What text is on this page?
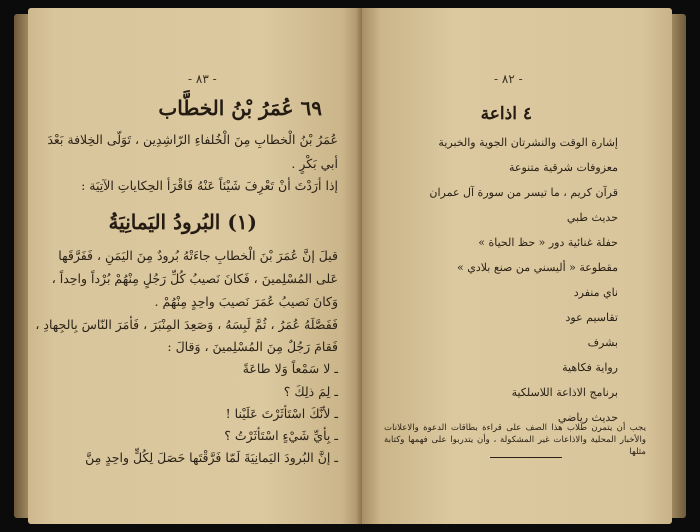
- ٨٣ -
٦٩ عُمَرُ بْنُ الخطَّاب
عُمَرُ بْنُ الْخطابِ مِنَ الْخُلفاءِ الرّاشِدِين ، تَوَلّى الخِلافة بَعْدَ
أبي بَكْرٍ .
إذا أرَدْتَ أنْ تَعْرِفَ شَيْئاً عَنْهُ فَاقْرَأ الحِكاياتِ الآتِيَة :
(١) البُرودُ اليَمانِيَةُ
قيلَ إنَّ عُمَرَ بْنَ الْخطابِ جاءَتْهُ بُرودٌ مِنَ اليَمَنِ ، فَفَرَّقَها
عَلى المُسْلِمينَ ، فَكانَ نَصيبُ كُلِّ رَجُلٍ مِنْهُمْ بُرْداً واحِداً ،
وَكانَ نَصيبُ عُمَرَ نَصيبَ واحِدٍ مِنْهُمْ .
فَفَصَّلَهُ عُمَرُ ، ثُمَّ لَبِسَهُ ، وَصَعِدَ المِنْبَرَ ، فَأمَرَ النّاسَ بِالجِهادِ ،
فَقامَ رَجُلٌ مِنَ المُسْلِمينَ ، وَقالَ :
ـ لا سَمْعاً وَلا طاعَةً
ـ لِمَ ذلِكَ ؟
ـ لأنَّكَ اسْتَأثَرْتَ عَلَيْنا !
ـ بِأيِّ شَيْءٍ اسْتَأثَرْتُ ؟
ـ إنَّ البُرودَ اليَمانِيَةَ لَمّا فَرَّقْتَها حَصَلَ لِكُلٍّ واحِدٍ مِنَّ
- ٨٢ -
٤ اذاعة
إشارة الوقت والنشرتان الجوية والخبرية
معزوفات شرقية متنوعة
قرآن كريم ، ما تيسر من سورة آل عمران
حديث طبي
حفلة غنائية دور « حظ الحياة »
مقطوعة « أليسني من صنع بلادي »
ناي منفرد
تقاسيم عود
بشرف
رواية فكاهية
برنامج الاذاعة اللاسلكية
حديث رياضي
يجب أن يتمرن طلاب هذا الصف على قراءة بطاقات الدعوة والاعلانات والأخبار المحلية والاذاعات غير المشكولة ، وأن يتدربوا على فهمها وكتابة مثلها
